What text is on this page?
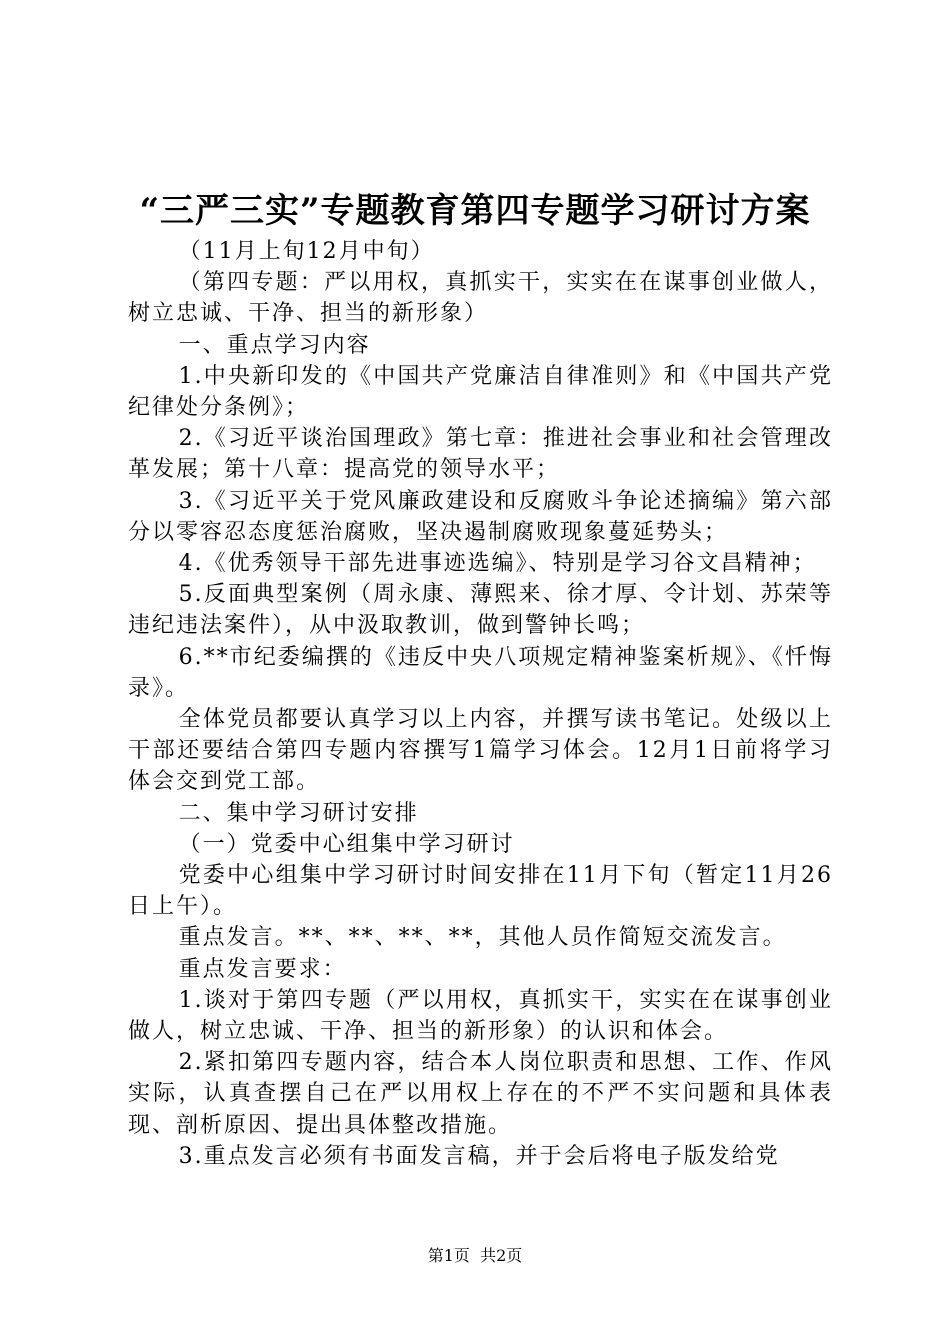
“三严三实”专题教育第四专题学习研讨方案

（11月上旬12月中旬）

（第四专题：严以用权，真抓实干，实实在在谋事创业做人，树立忠诚、干净、担当的新形象）

一、重点学习内容

1.中央新印发的《中国共产党廉洁自律准则》和《中国共产党纪律处分条例》；

2.《习近平谈治国理政》第七章：推进社会事业和社会管理改革发展；第十八章：提高党的领导水平；

3.《习近平关于党风廉政建设和反腐败斗争论述摘编》第六部分以零容忍态度惩治腐败，坚决遏制腐败现象蔓延势头；

4.《优秀领导干部先进事迹选编》、特别是学习谷文昌精神；

5.反面典型案例（周永康、薄熙来、徐才厚、令计划、苏荣等违纪违法案件），从中汲取教训，做到警钟长鸣；

6.**市纪委编撰的《违反中央八项规定精神鉴案析规》、《忏悔录》。

全体党员都要认真学习以上内容，并撰写读书笔记。处级以上干部还要结合第四专题内容撰写1篇学习体会。12月1日前将学习体会交到党工部。

二、集中学习研讨安排

（一）党委中心组集中学习研讨

党委中心组集中学习研讨时间安排在11月下旬（暂定11月26日上午）。

重点发言。**、**、**、**，其他人员作简短交流发言。

重点发言要求：

1.谈对于第四专题（严以用权，真抓实干，实实在在谋事创业做人，树立忠诚、干净、担当的新形象）的认识和体会。

2.紧扣第四专题内容，结合本人岗位职责和思想、工作、作风实际，认真查摆自己在严以用权上存在的不严不实问题和具体表现、剖析原因、提出具体整改措施。

3.重点发言必须有书面发言稿，并于会后将电子版发给党

第1页  共2页
